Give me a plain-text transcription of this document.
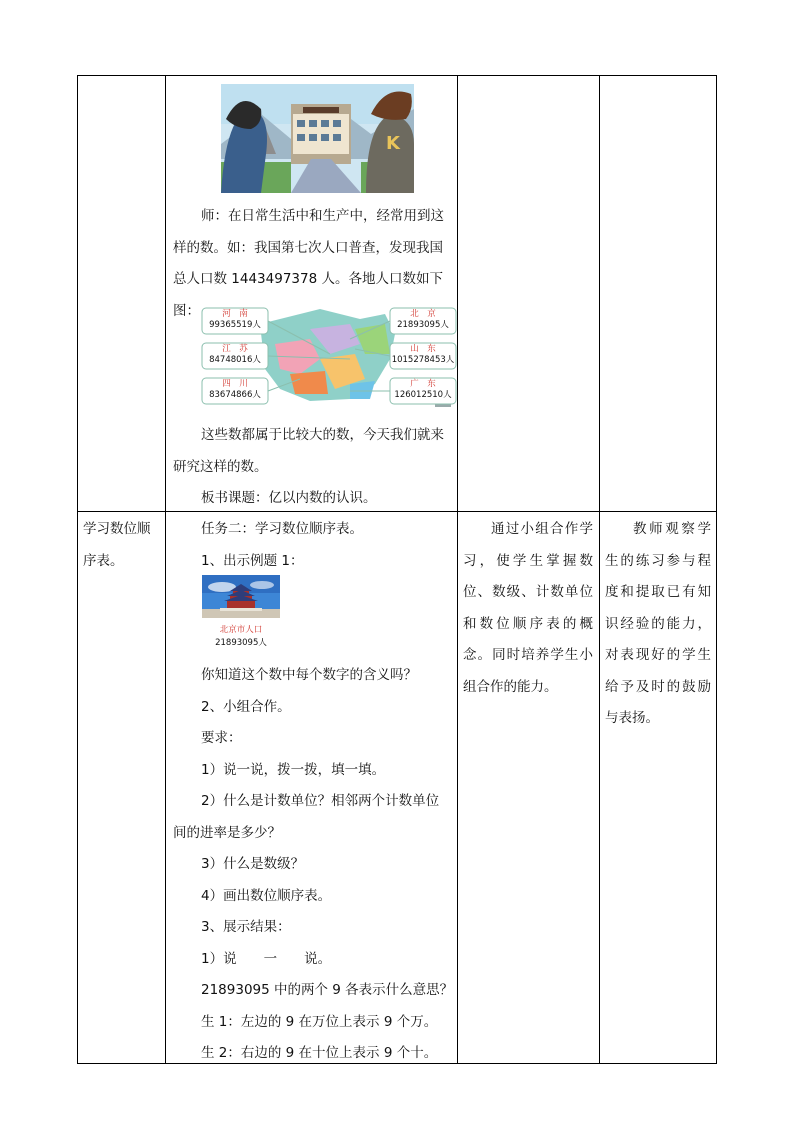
K

师：在日常生活中和生产中，经常用到这样的数。如：我国第七次人口普查，发现我国总人口数 1443497378 人。各地人口数如下图：	河　南
99365519人
江　苏
84748016人
四　川
83674866人
北　京
21893095人
山　东
1015278453人
广　东
126012510人

这些数都属于比较大的数，今天我们就来

研究这样的数。

板书课题：亿以内数的认识。

学习数位顺序表。

任务二：学习数位顺序表。

1、出示例题 1：

北京市人口
21893095人

你知道这个数中每个数字的含义吗？

2、小组合作。

要求：

1）说一说，拨一拨，填一填。

2）什么是计数单位？相邻两个计数单位

间的进率是多少？

3）什么是数级？

4）画出数位顺序表。

3、展示结果：

1）说　　一　　说。

21893095 中的两个 9 各表示什么意思？

生 1：左边的 9 在万位上表示 9 个万。

生 2：右边的 9 在十位上表示 9 个十。

通过小组合作学习，使学生掌握数位、数级、计数单位和数位顺序表的概念。同时培养学生小组合作的能力。
教师观察学生的练习参与程度和提取已有知识经验的能力，对表现好的学生给予及时的鼓励与表扬。
